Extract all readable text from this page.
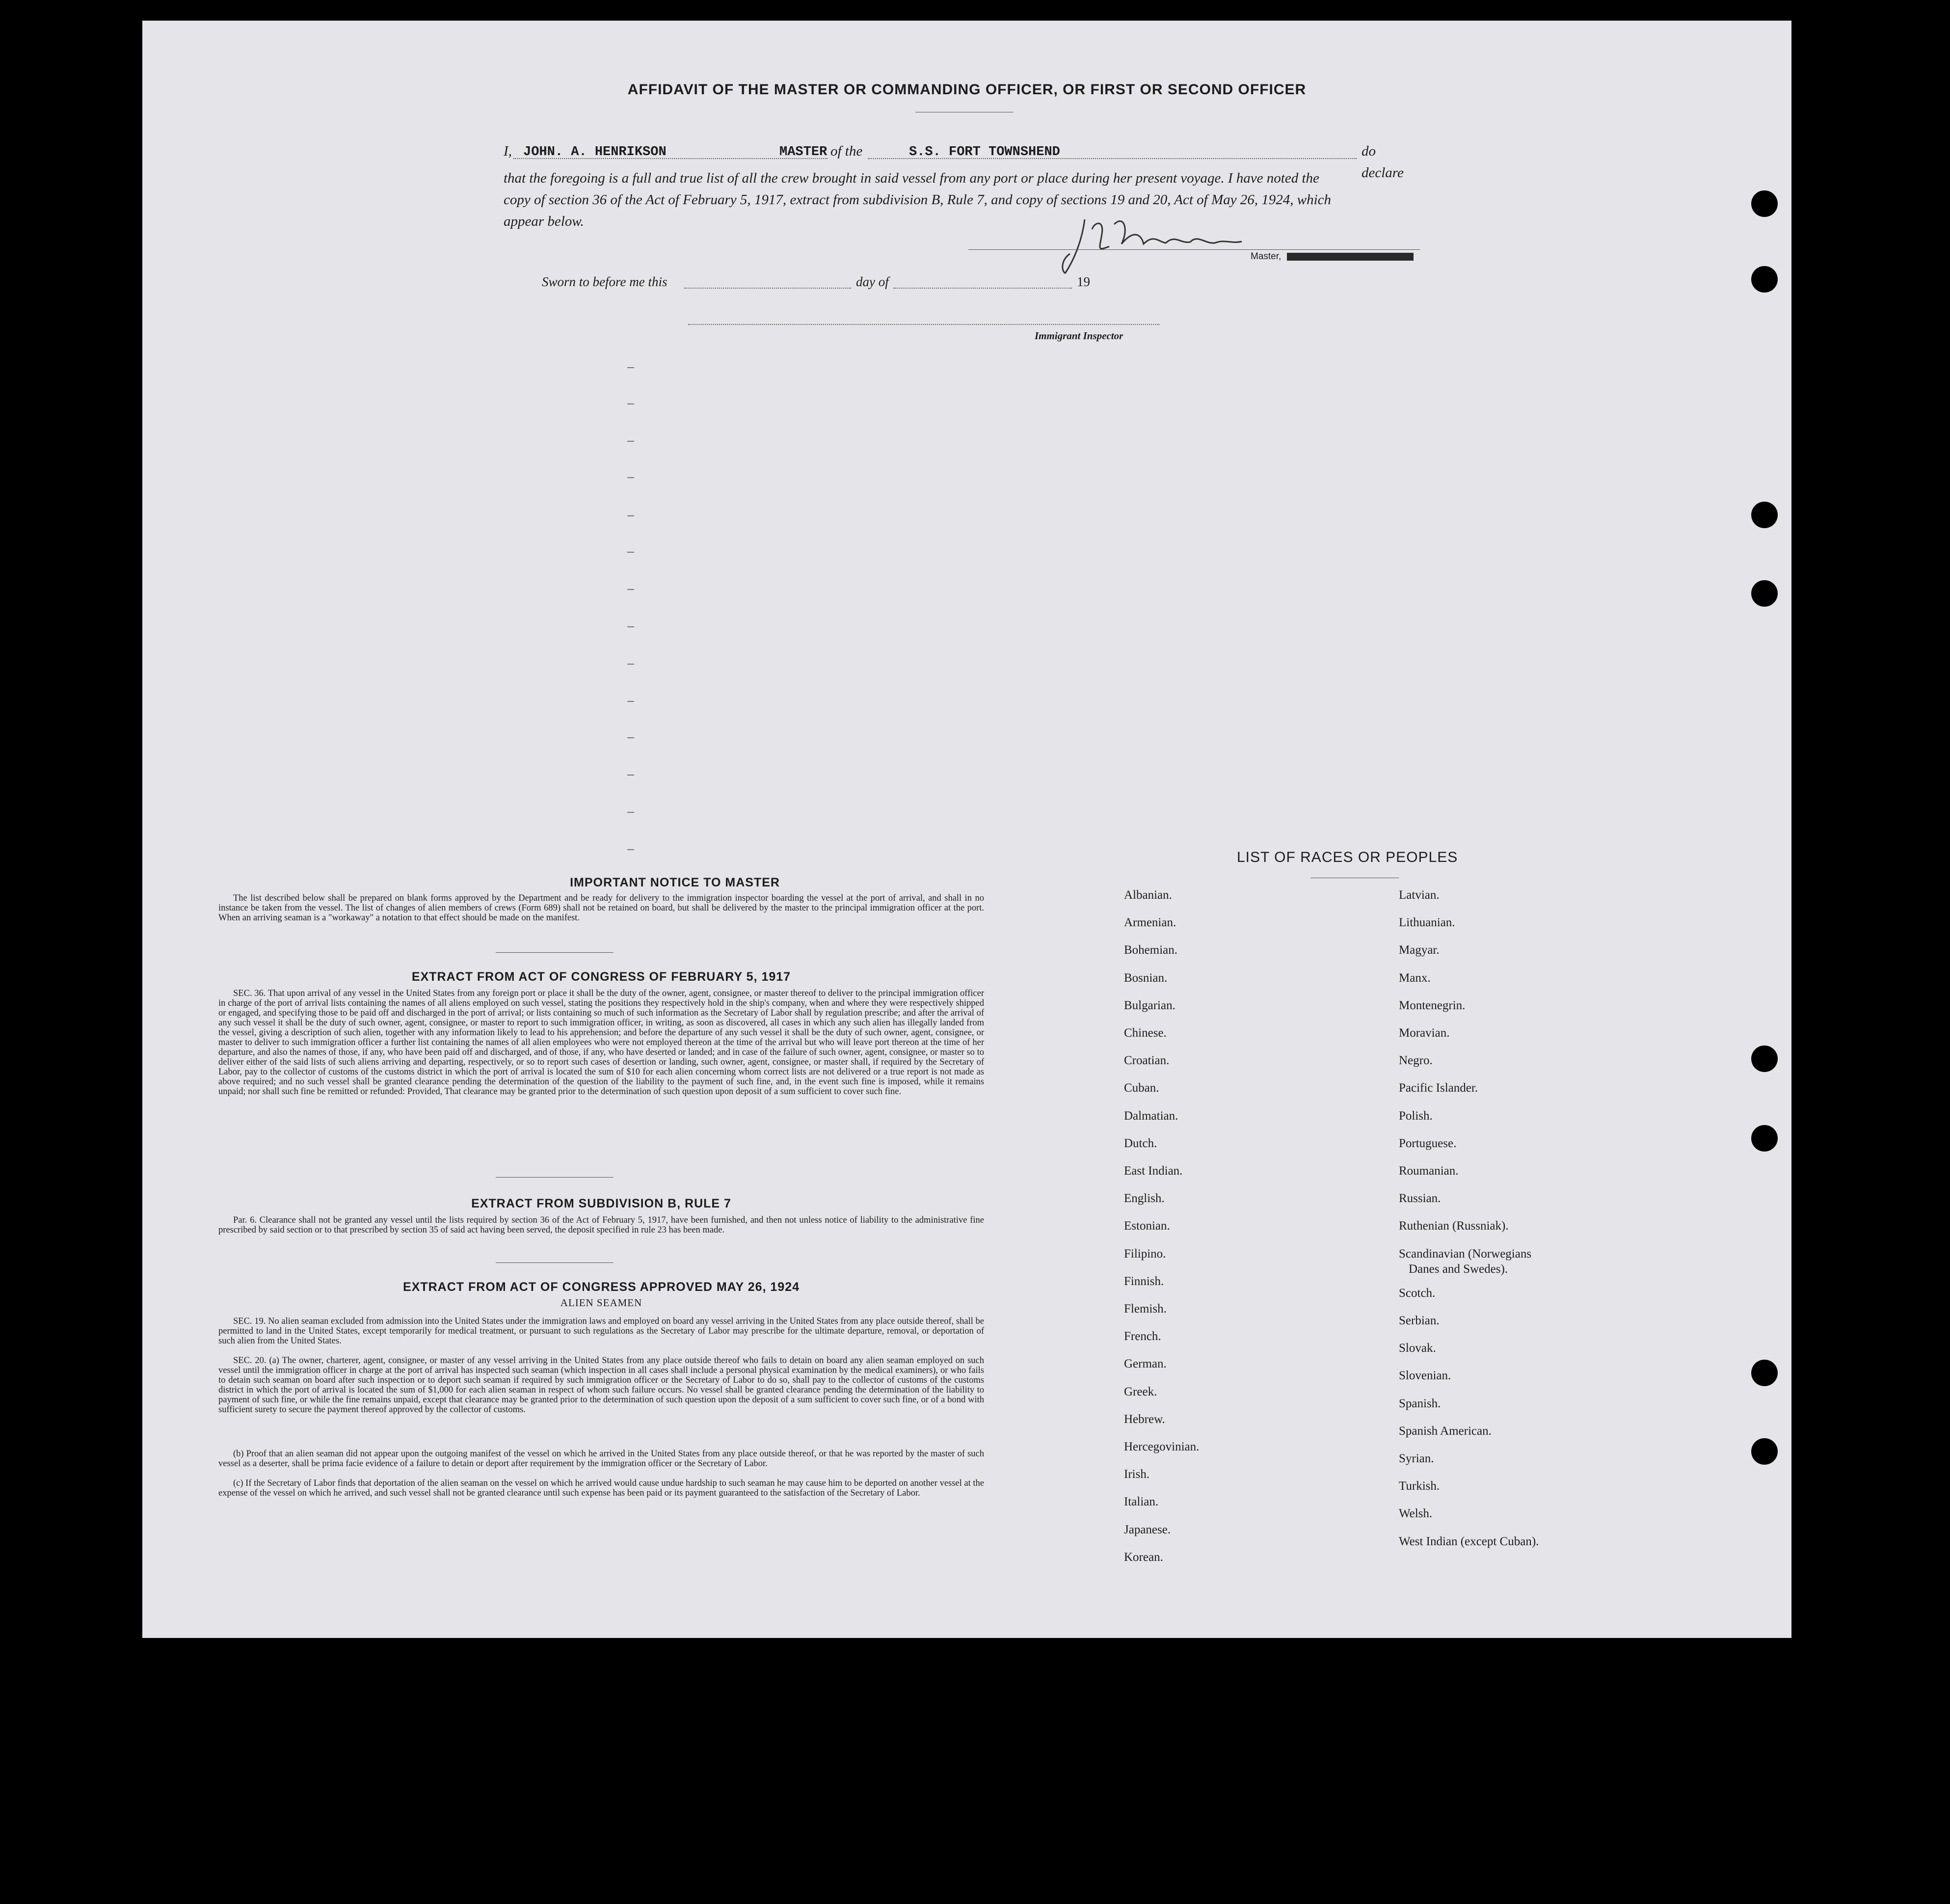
AFFIDAVIT OF THE MASTER OR COMMANDING OFFICER, OR FIRST OR SECOND OFFICER
I, JOHN. A. HENRIKSON	MASTER of the	S.S. FORT TOWNSHEND	do declare
that the foregoing is a full and true list of all the crew brought in said vessel from any port or place during her present voyage. I have noted the
copy of section 36 of the Act of February 5, 1917, extract from subdivision B, Rule 7, and copy of sections 19 and 20, Act of May 26, 1924, which
appear below.
Master,
Sworn to before me this	day of	19
Immigrant Inspector
IMPORTANT NOTICE TO MASTER
The list described below shall be prepared on blank forms approved by the Department and be ready for delivery to the immigration inspector boarding the vessel at the port of arrival, and shall in no instance be taken from the vessel. The list of changes of alien members of crews (Form 689) shall not be retained on board, but shall be delivered by the master to the principal immigration officer at the port. When an arriving seaman is a "workaway" a notation to that effect should be made on the manifest.
EXTRACT FROM ACT OF CONGRESS OF FEBRUARY 5, 1917
SEC. 36. That upon arrival of any vessel in the United States from any foreign port or place it shall be the duty of the owner, agent, consignee, or master thereof to deliver to the principal immigration officer in charge of the port of arrival lists containing the names of all aliens employed on such vessel, stating the positions they respectively hold in the ship's company, when and where they were respectively shipped or engaged, and specifying those to be paid off and discharged in the port of arrival; or lists containing so much of such information as the Secretary of Labor shall by regulation prescribe; and after the arrival of any such vessel it shall be the duty of such owner, agent, consignee, or master to report to such immigration officer, in writing, as soon as discovered, all cases in which any such alien has illegally landed from the vessel, giving a description of such alien, together with any information likely to lead to his apprehension; and before the departure of any such vessel it shall be the duty of such owner, agent, consignee, or master to deliver to such immigration officer a further list containing the names of all alien employees who were not employed thereon at the time of the arrival but who will leave port thereon at the time of her departure, and also the names of those, if any, who have been paid off and discharged, and of those, if any, who have deserted or landed; and in case of the failure of such owner, agent, consignee, or master so to deliver either of the said lists of such aliens arriving and departing, respectively, or so to report such cases of desertion or landing, such owner, agent, consignee, or master shall, if required by the Secretary of Labor, pay to the collector of customs of the customs district in which the port of arrival is located the sum of $10 for each alien concerning whom correct lists are not delivered or a true report is not made as above required; and no such vessel shall be granted clearance pending the determination of the question of the liability to the payment of such fine, and, in the event such fine is imposed, while it remains unpaid; nor shall such fine be remitted or refunded: Provided, That clearance may be granted prior to the determination of such question upon deposit of a sum sufficient to cover such fine.
EXTRACT FROM SUBDIVISION B, RULE 7
Par. 6. Clearance shall not be granted any vessel until the lists required by section 36 of the Act of February 5, 1917, have been furnished, and then not unless notice of liability to the administrative fine prescribed by said section or to that prescribed by section 35 of said act having been served, the deposit specified in rule 23 has been made.
EXTRACT FROM ACT OF CONGRESS APPROVED MAY 26, 1924
ALIEN SEAMEN
SEC. 19. No alien seaman excluded from admission into the United States under the immigration laws and employed on board any vessel arriving in the United States from any place outside thereof, shall be permitted to land in the United States, except temporarily for medical treatment, or pursuant to such regulations as the Secretary of Labor may prescribe for the ultimate departure, removal, or deportation of such alien from the United States.
SEC. 20. (a) The owner, charterer, agent, consignee, or master of any vessel arriving in the United States from any place outside thereof who fails to detain on board any alien seaman employed on such vessel until the immigration officer in charge at the port of arrival has inspected such seaman (which inspection in all cases shall include a personal physical examination by the medical examiners), or who fails to detain such seaman on board after such inspection or to deport such seaman if required by such immigration officer or the Secretary of Labor to do so, shall pay to the collector of customs of the customs district in which the port of arrival is located the sum of $1,000 for each alien seaman in respect of whom such failure occurs. No vessel shall be granted clearance pending the determination of the liability to payment of such fine, or while the fine remains unpaid, except that clearance may be granted prior to the determination of such question upon the deposit of a sum sufficient to cover such fine, or of a bond with sufficient surety to secure the payment thereof approved by the collector of customs.
(b) Proof that an alien seaman did not appear upon the outgoing manifest of the vessel on which he arrived in the United States from any place outside thereof, or that he was reported by the master of such vessel as a deserter, shall be prima facie evidence of a failure to detain or deport after requirement by the immigration officer or the Secretary of Labor.
(c) If the Secretary of Labor finds that deportation of the alien seaman on the vessel on which he arrived would cause undue hardship to such seaman he may cause him to be deported on another vessel at the expense of the vessel on which he arrived, and such vessel shall not be granted clearance until such expense has been paid or its payment guaranteed to the satisfaction of the Secretary of Labor.
LIST OF RACES OR PEOPLES
Danes and Swedes).
Albanian.
Armenian.
Bohemian.
Bosnian.
Bulgarian.
Chinese.
Croatian.
Cuban.
Dalmatian.
Dutch.
East Indian.
English.
Estonian.
Filipino.
Finnish.
Flemish.
French.
German.
Greek.
Hebrew.
Hercegovinian.
Irish.
Italian.
Japanese.
Korean.
Latvian.
Lithuanian.
Magyar.
Manx.
Montenegrin.
Moravian.
Negro.
Pacific Islander.
Polish.
Portuguese.
Roumanian.
Russian.
Ruthenian (Russniak).
Scandinavian (Norwegians
Scotch.
Serbian.
Slovak.
Slovenian.
Spanish.
Spanish American.
Syrian.
Turkish.
Welsh.
West Indian (except Cuban).
